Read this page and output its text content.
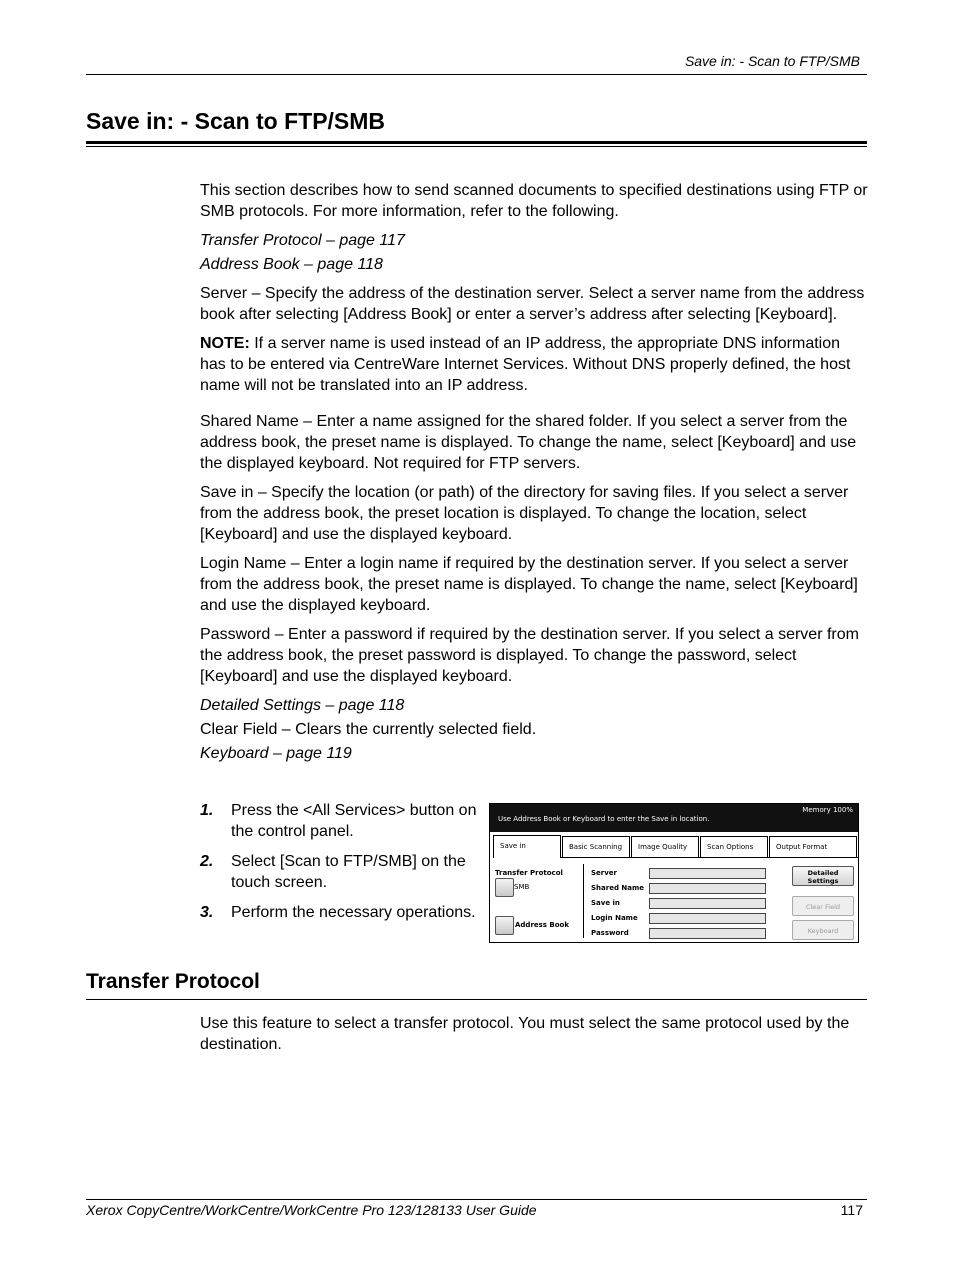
Save in: - Scan to FTP/SMB
Save in: - Scan to FTP/SMB

This section describes how to send scanned documents to specified destinations using FTP or SMB protocols. For more information, refer to the following.

Transfer Protocol – page 117

Address Book – page 118

Server – Specify the address of the destination server. Select a server name from the address book after selecting [Address Book] or enter a server’s address after selecting [Keyboard].

NOTE: If a server name is used instead of an IP address, the appropriate DNS information has to be entered via CentreWare Internet Services. Without DNS properly defined, the host name will not be translated into an IP address.

Shared Name – Enter a name assigned for the shared folder. If you select a server from the address book, the preset name is displayed. To change the name, select [Keyboard] and use the displayed keyboard. Not required for FTP servers.

Save in – Specify the location (or path) of the directory for saving files. If you select a server from the address book, the preset location is displayed. To change the location, select [Keyboard] and use the displayed keyboard.

Login Name – Enter a login name if required by the destination server. If you select a server from the address book, the preset name is displayed. To change the name, select [Keyboard] and use the displayed keyboard.

Password – Enter a password if required by the destination server. If you select a server from the address book, the preset password is displayed. To change the password, select [Keyboard] and use the displayed keyboard.

Detailed Settings – page 118

Clear Field – Clears the currently selected field.

Keyboard – page 119

1.	Press the <All Services> button on the control panel.
2.	Select [Scan to FTP/SMB] on the touch screen.
3.	Perform the necessary operations.
Use Address Book or Keyboard to enter the Save in location.
Memory 100%
Save in	Basic Scanning	Image Quality	Scan Options	Output Format
Transfer Protocol
SMB
Address Book
Server
Shared Name
Save in
Login Name
Password
Detailed Settings
Clear Field
Keyboard
Transfer Protocol

Use this feature to select a transfer protocol. You must select the same protocol used by the destination.

Xerox CopyCentre/WorkCentre/WorkCentre Pro 123/128133 User Guide	117
